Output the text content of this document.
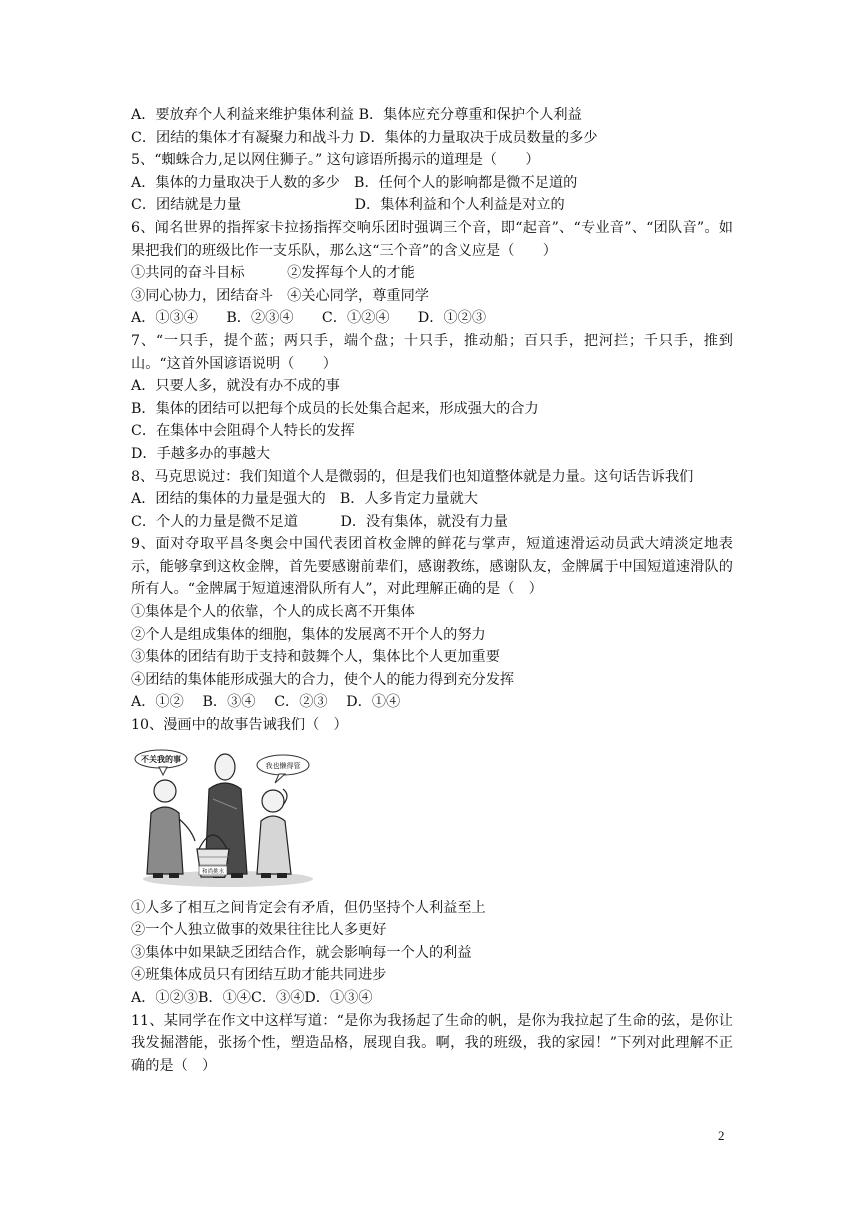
A．要放弃个人利益来维护集体利益 B．集体应充分尊重和保护个人利益
C．团结的集体才有凝聚力和战斗力 D．集体的力量取决于成员数量的多少
5、“蜘蛛合力,足以网住狮子。” 这句谚语所揭示的道理是（　　）
A．集体的力量取决于人数的多少　B．任何个人的影响都是微不足道的
C．团结就是力量　　　　　　　　D．集体利益和个人利益是对立的
6、闻名世界的指挥家卡拉扬指挥交响乐团时强调三个音，即“起音”、“专业音”、“团队音”。如果把我们的班级比作一支乐队，那么这“三个音”的含义应是（　　）
①共同的奋斗目标　　　②发挥每个人的才能
③同心协力，团结奋斗　④关心同学，尊重同学
A．①③④　　B．②③④　　C．①②④　　D．①②③
7、“一只手，提个蓝；两只手，端个盘；十只手，推动船；百只手，把河拦；千只手，推到山。“这首外国谚语说明（　　）
A．只要人多，就没有办不成的事
B．集体的团结可以把每个成员的长处集合起来，形成强大的合力
C．在集体中会阻碍个人特长的发挥
D．手越多办的事越大
8、马克思说过：我们知道个人是微弱的，但是我们也知道整体就是力量。这句话告诉我们
A．团结的集体的力量是强大的　B．人多肯定力量就大
C．个人的力量是微不足道　　　D．没有集体，就没有力量
9、面对夺取平昌冬奥会中国代表团首枚金牌的鲜花与掌声，短道速滑运动员武大靖淡定地表示，能够拿到这枚金牌，首先要感谢前辈们，感谢教练，感谢队友，金牌属于中国短道速滑队的所有人。“金牌属于短道速滑队所有人”，对此理解正确的是（　）
①集体是个人的依靠，个人的成长离不开集体
②个人是组成集体的细胞，集体的发展离不开个人的努力
③集体的团结有助于支持和鼓舞个人，集体比个人更加重要
④团结的集体能形成强大的合力，使个人的能力得到充分发挥
A．①②　 B．③④　 C．②③　 D．①④
10、漫画中的故事告诫我们（　）
不关我的事
我也懒得管
和尚挑水
①人多了相互之间肯定会有矛盾，但仍坚持个人利益至上
②一个人独立做事的效果往往比人多更好
③集体中如果缺乏团结合作，就会影响每一个人的利益
④班集体成员只有团结互助才能共同进步
A．①②③B．①④C．③④D．①③④
11、某同学在作文中这样写道：“是你为我扬起了生命的帆，是你为我拉起了生命的弦，是你让我发掘潜能，张扬个性，塑造品格，展现自我。啊，我的班级，我的家园！”下列对此理解不正确的是（　）
2
